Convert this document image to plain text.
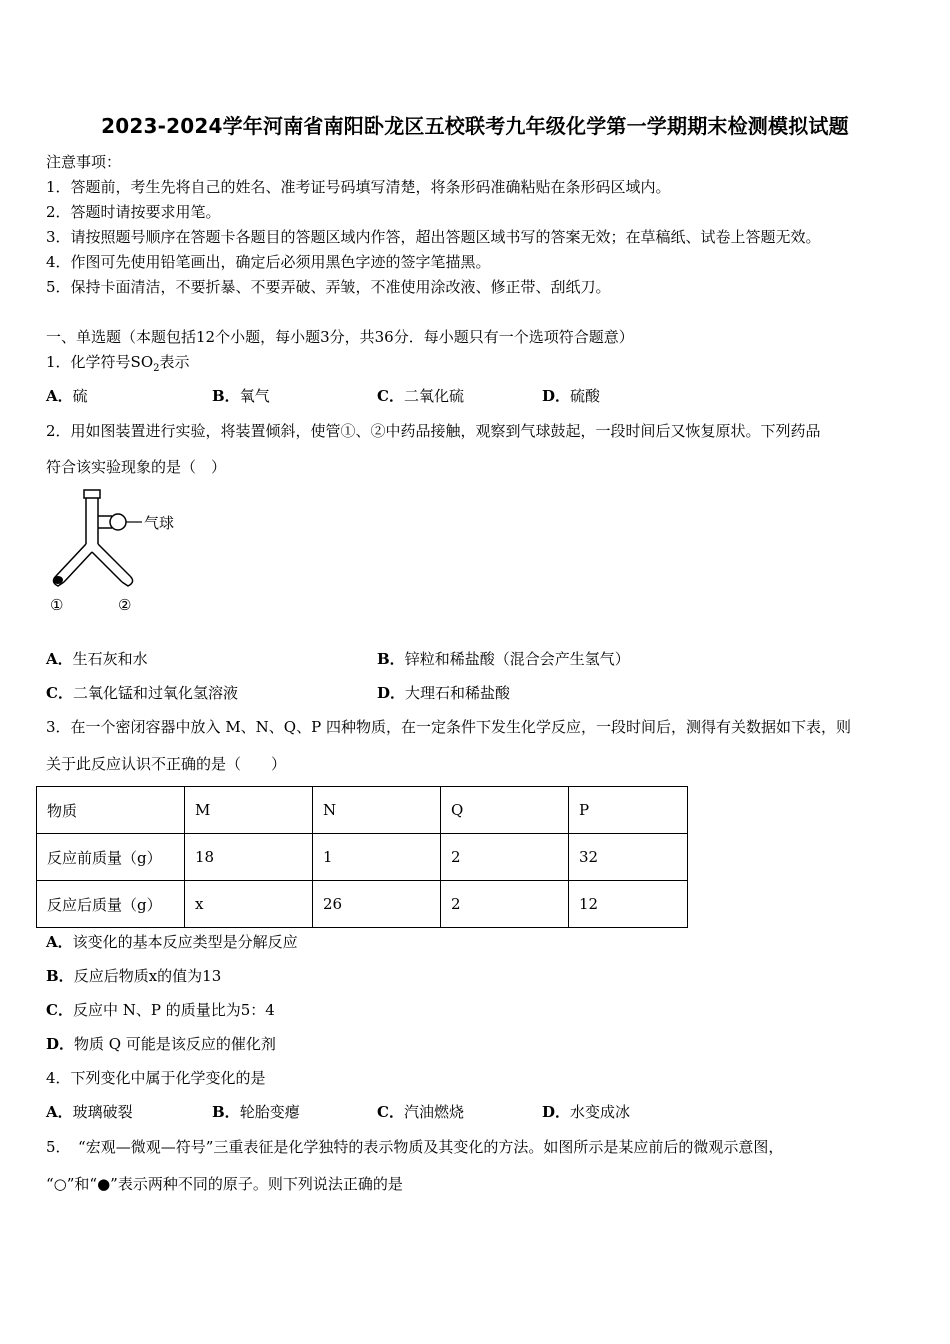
2023-2024学年河南省南阳卧龙区五校联考九年级化学第一学期期末检测模拟试题
注意事项：
1．答题前，考生先将自己的姓名、准考证号码填写清楚，将条形码准确粘贴在条形码区域内。
2．答题时请按要求用笔。
3．请按照题号顺序在答题卡各题目的答题区域内作答，超出答题区域书写的答案无效；在草稿纸、试卷上答题无效。
4．作图可先使用铅笔画出，确定后必须用黑色字迹的签字笔描黑。
5．保持卡面清洁，不要折暴、不要弄破、弄皱，不准使用涂改液、修正带、刮纸刀。
一、单选题（本题包括12个小题，每小题3分，共36分．每小题只有一个选项符合题意）
1．化学符号$SO_2$表示
A．硫	B．氧气	C．二氧化硫	D．硫酸
2．用如图装置进行实验，将装置倾斜，使管①、②中药品接触，观察到气球鼓起，一段时间后又恢复原状。下列药品
符合该实验现象的是（　）
气球
①	②
A．生石灰和水	B．锌粒和稀盐酸（混合会产生氢气）
C．二氧化锰和过氧化氢溶液	D．大理石和稀盐酸
3．在一个密闭容器中放入 M、N、Q、P 四种物质，在一定条件下发生化学反应，一段时间后，测得有关数据如下表，则
关于此反应认识不正确的是（　　）
物质	M	N	Q	P
反应前质量（g）	18	1	2	32
反应后质量（g）	x	26	2	12
A．该变化的基本反应类型是分解反应
B．反应后物质x的值为13
C．反应中 N、P 的质量比为5：4
D．物质 Q 可能是该反应的催化剂
4．下列变化中属于化学变化的是
A．玻璃破裂	B．轮胎变瘪	C．汽油燃烧	D．水变成冰
5．　“宏观—微观—符号”三重表征是化学独特的表示物质及其变化的方法。如图所示是某应前后的微观示意图，
“○”和“●”表示两种不同的原子。则下列说法正确的是
